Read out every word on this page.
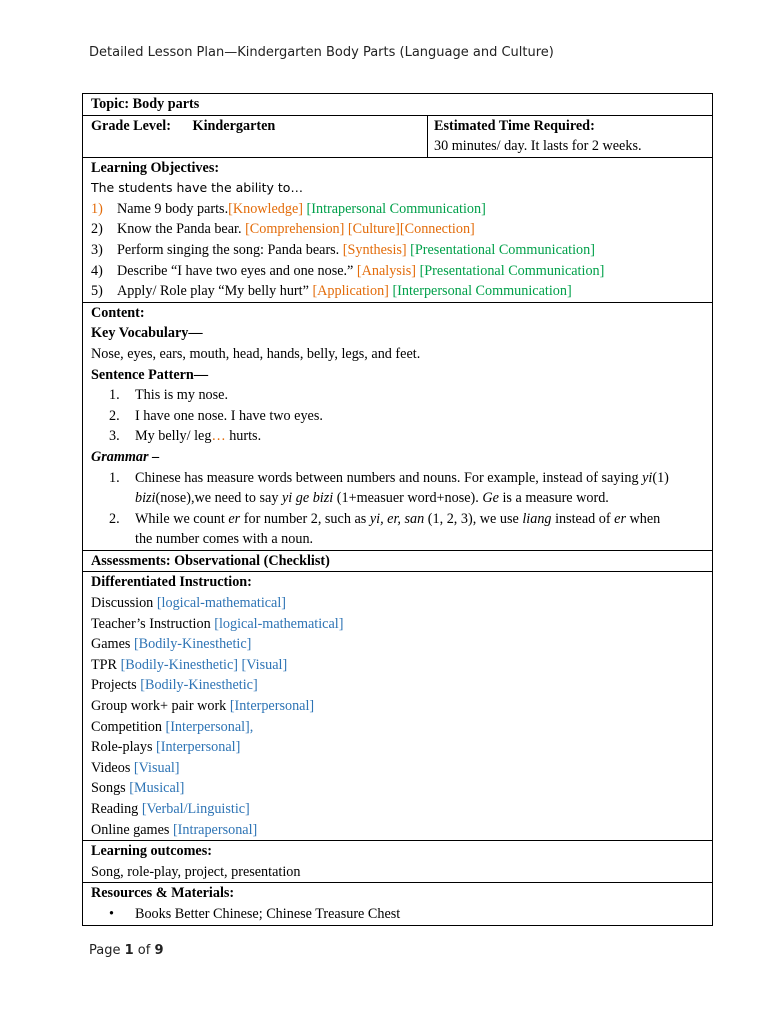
Detailed Lesson Plan—Kindergarten Body Parts (Language and Culture)
Topic: Body parts
Grade Level: Kindergarten	Estimated Time Required:
30 minutes/ day. It lasts for 2 weeks.
Learning Objectives:
The students have the ability to…
1) Name 9 body parts.[Knowledge] [Intrapersonal Communication]
2) Know the Panda bear. [Comprehension] [Culture][Connection]
3) Perform singing the song: Panda bears. [Synthesis] [Presentational Communication]
4) Describe “I have two eyes and one nose.” [Analysis] [Presentational Communication]
5) Apply/ Role play “My belly hurt” [Application] [Interpersonal Communication]
Content:
Key Vocabulary—
Nose, eyes, ears, mouth, head, hands, belly, legs, and feet.
Sentence Pattern—
1.	This is my nose.
2.	I have one nose. I have two eyes.
3.	My belly/ leg… hurts.
Grammar –
1.	Chinese has measure words between numbers and nouns. For example, instead of saying yi(1)
bizi(nose),we need to say yi ge bizi (1+measuer word+nose). Ge is a measure word.
2.	While we count er for number 2, such as yi, er, san (1, 2, 3), we use liang instead of er when
the number comes with a noun.
Assessments: Observational (Checklist)
Differentiated Instruction:
Discussion [logical-mathematical]
Teacher’s Instruction [logical-mathematical]
Games [Bodily-Kinesthetic]
TPR [Bodily-Kinesthetic] [Visual]
Projects [Bodily-Kinesthetic]
Group work+ pair work [Interpersonal]
Competition [Interpersonal],
Role-plays [Interpersonal]
Videos [Visual]
Songs [Musical]
Reading [Verbal/Linguistic]
Online games [Intrapersonal]
Learning outcomes:
Song, role-play, project, presentation
Resources & Materials:
•	Books Better Chinese; Chinese Treasure Chest
Page 1 of 9
